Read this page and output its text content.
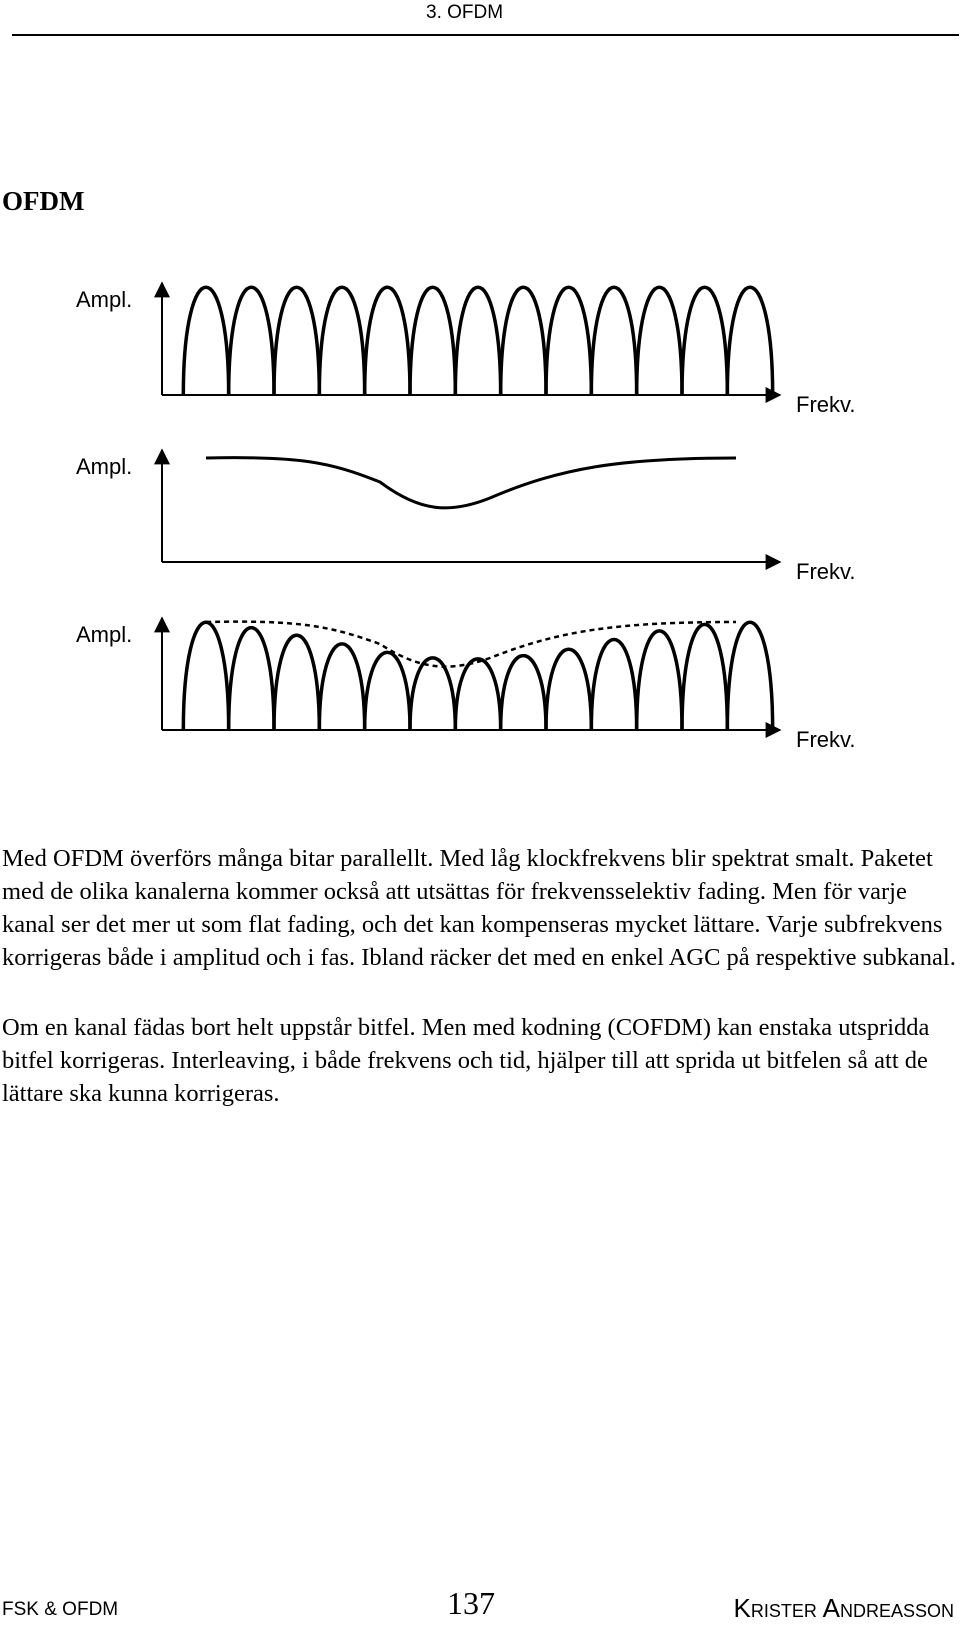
3. OFDM
OFDM
Ampl.
Frekv.
Ampl.
Frekv.
Ampl.
Frekv.

Med OFDM överförs många bitar parallellt. Med låg klockfrekvens blir spektrat smalt. Paketet med de olika kanalerna kommer också att utsättas för frekvensselektiv fading. Men för varje kanal ser det mer ut som flat fading, och det kan kompenseras mycket lättare. Varje subfrekvens korrigeras både i amplitud och i fas. Ibland räcker det med en enkel AGC på respektive subkanal.

Om en kanal fädas bort helt uppstår bitfel. Men med kodning (COFDM) kan enstaka utspridda bitfel korrigeras. Interleaving, i både frekvens och tid, hjälper till att sprida ut bitfelen så att de lättare ska kunna korrigeras.

FSK & OFDM	137	Krister Andreasson
